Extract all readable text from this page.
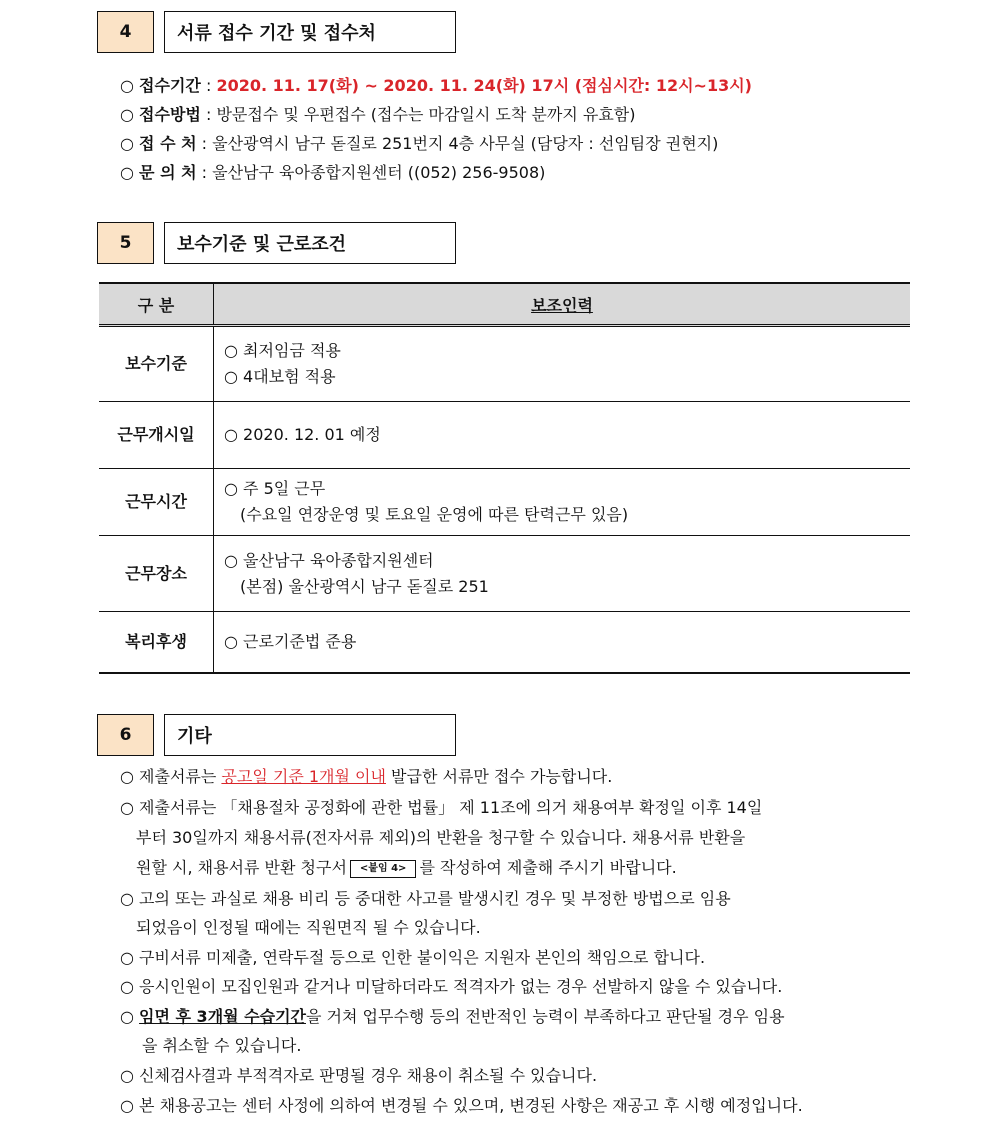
4	서류 접수 기간 및 접수처
○ 접수기간 : 2020. 11. 17(화) ~ 2020. 11. 24(화) 17시 (점심시간: 12시~13시)
○ 접수방법 : 방문접수 및 우편접수 (접수는 마감일시 도착 분까지 유효함)
○ 접 수 처 : 울산광역시 남구 돋질로 251번지 4층 사무실 (담당자 : 선임팀장 권현지)
○ 문 의 처 : 울산남구 육아종합지원센터 ((052) 256-9508)
5	보수기준 및 근로조건
구 분	보조인력
보수기준	○ 최저임금 적용
○ 4대보험 적용

근무개시일	○ 2020. 12. 01 예정

근무시간	○ 주 5일 근무
(수요일 연장운영 및 토요일 운영에 따른 탄력근무 있음)

근무장소	○ 울산남구 육아종합지원센터
(본점) 울산광역시 남구 돋질로 251

복리후생	○ 근로기준법 준용
6	기타
○ 제출서류는 공고일 기준 1개월 이내 발급한 서류만 접수 가능합니다.
○ 제출서류는 「채용절차 공정화에 관한 법률」 제 11조에 의거 채용여부 확정일 이후 14일
부터 30일까지 채용서류(전자서류 제외)의 반환을 청구할 수 있습니다. 채용서류 반환을
원할 시, 채용서류 반환 청구서 <붙임 4> 를 작성하여 제출해 주시기 바랍니다.
○ 고의 또는 과실로 채용 비리 등 중대한 사고를 발생시킨 경우 및 부정한 방법으로 임용
되었음이 인정될 때에는 직원면직 될 수 있습니다.
○ 구비서류 미제출, 연락두절 등으로 인한 불이익은 지원자 본인의 책임으로 합니다.
○ 응시인원이 모집인원과 같거나 미달하더라도 적격자가 없는 경우 선발하지 않을 수 있습니다.
○ 임면 후 3개월 수습기간을 거쳐 업무수행 등의 전반적인 능력이 부족하다고 판단될 경우 임용
을 취소할 수 있습니다.
○ 신체검사결과 부적격자로 판명될 경우 채용이 취소될 수 있습니다.
○ 본 채용공고는 센터 사정에 의하여 변경될 수 있으며, 변경된 사항은 재공고 후 시행 예정입니다.
